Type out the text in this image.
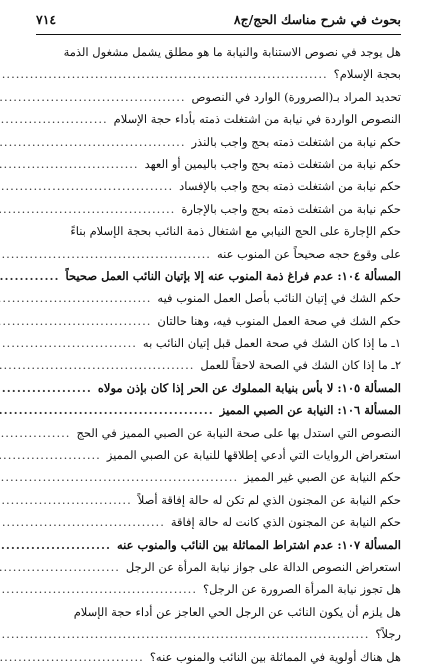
بحوث في شرح مناسك الحج/ج٨
٧١٤
هل يوجد في نصوص الاستنابة والنيابة ما هو مطلق يشمل مشغول الذمة
بحجة الإسلام؟
.....
تحديد المراد بـ(الصرورة) الوارد في النصوص
.....
النصوص الواردة في نيابة من اشتغلت ذمته بأداء حجة الإسلام
.....
حكم نيابة من اشتغلت ذمته بحج واجب بالنذر
.....
حكم نيابة من اشتغلت ذمته بحج واجب باليمين أو العهد
.....
حكم نيابة من اشتغلت ذمته بحج واجب بالإفساد
.....
حكم نيابة من اشتغلت ذمته بحج واجب بالإجارة
.....
حكم الإجارة على الحج النيابي مع اشتغال ذمة النائب بحجة الإسلام بناءً
على وقوع حجه صحيحاً عن المنوب عنه
.....
المسألة ١٠٤: عدم فراغ ذمة المنوب عنه إلا بإتيان النائب العمل صحيحاً
.....
حكم الشك في إتيان النائب بأصل العمل المنوب فيه
.....
حكم الشك في صحة العمل المنوب فيه، وهنا حالتان
.....
١ـ ما إذا كان الشك في صحة العمل قبل إتيان النائب به
.....
٢ـ ما إذا كان الشك في الصحة لاحقاً للعمل
.....
المسألة ١٠٥: لا بأس بنيابة المملوك عن الحر إذا كان بإذن مولاه
.....
المسألة ١٠٦: النيابة عن الصبي المميز
.....
النصوص التي استدل بها على صحة النيابة عن الصبي المميز في الحج
.....
استعراض الروايات التي أدعي إطلاقها للنيابة عن الصبي المميز
.....
حكم النيابة عن الصبي غير المميز
.....
حكم النيابة عن المجنون الذي لم تكن له حالة إفاقة أصلاً
.....
حكم النيابة عن المجنون الذي كانت له حالة إفاقة
.....
المسألة ١٠٧: عدم اشتراط المماثلة بين النائب والمنوب عنه
.....
استعراض النصوص الدالة على جواز نيابة المرأة عن الرجل
.....
هل تجوز نيابة المرأة الصرورة عن الرجل؟
.....
هل يلزم أن يكون النائب عن الرجل الحي العاجز عن أداء حجة الإسلام
رجلاً؟
.....
هل هناك أولوية في المماثلة بين النائب والمنوب عنه؟
.....
